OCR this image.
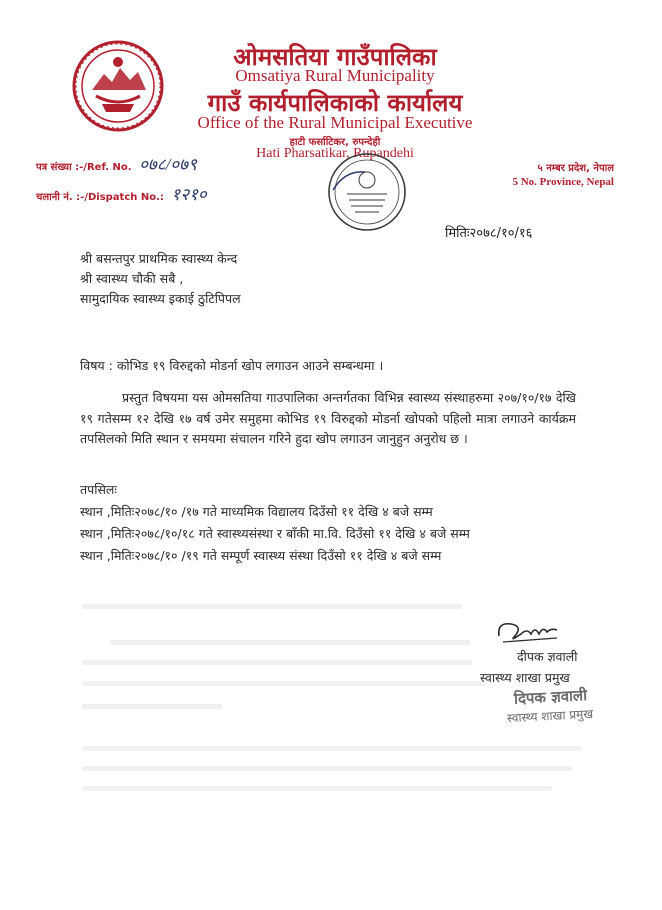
ओमसतिया गाउँपालिका
Omsatiya Rural Municipality
गाउँ कार्यपालिकाको कार्यालय
Office of the Rural Municipal Executive
हाटी फर्साटिकर, रुपन्देही
Hati Pharsatikar, Rupandehi
पत्र संख्या :-/Ref. No. ०७८/०७९
चलानी नं. :-/Dispatch No.: १२१०
५ नम्बर प्रदेश, नेपाल
5 No. Province, Nepal
मितिः२०७८/१०/१६
श्री बसन्तपुर प्राथमिक स्वास्थ्य केन्द
श्री स्वास्थ्य चौकी सबै ,
सामुदायिक स्वास्थ्य इकाई ठुटिपिपल
विषय : कोभिड १९ विरुद्दको मोडर्ना खोप लगाउन आउने सम्बन्धमा ।
प्रस्तुत विषयमा यस ओमसतिया गाउपालिका अन्तर्गतका विभिन्न स्वास्थ्य संस्थाहरुमा २०७/१०/१७ देखि १९ गतेसम्म १२ देखि १७ वर्ष उमेर समुहमा कोभिड १९ विरुद्दको मोडर्ना खोपको पहिलो मात्रा लगाउने कार्यक्रम तपसिलको मिति स्थान र समयमा संचालन गरिने हुदा खोप लगाउन जानुहुन अनुरोध छ ।
तपसिलः
स्थान ,मितिः२०७८/१० /१७ गते माध्यमिक विद्यालय दिउँसो ११ देखि ४ बजे सम्म
स्थान ,मितिः२०७८/१०/१८ गते स्वास्थ्यसंस्था र बाँकी मा.वि. दिउँसो ११ देखि ४ बजे सम्म
स्थान ,मितिः२०७८/१० /१९ गते सम्पूर्ण स्वास्थ्य संस्था दिउँसो ११ देखि ४ बजे सम्म
दीपक ज्ञवाली
स्वास्थ्य शाखा प्रमुख
दिपक ज्ञवाली
स्वास्थ्य शाखा प्रमुख
